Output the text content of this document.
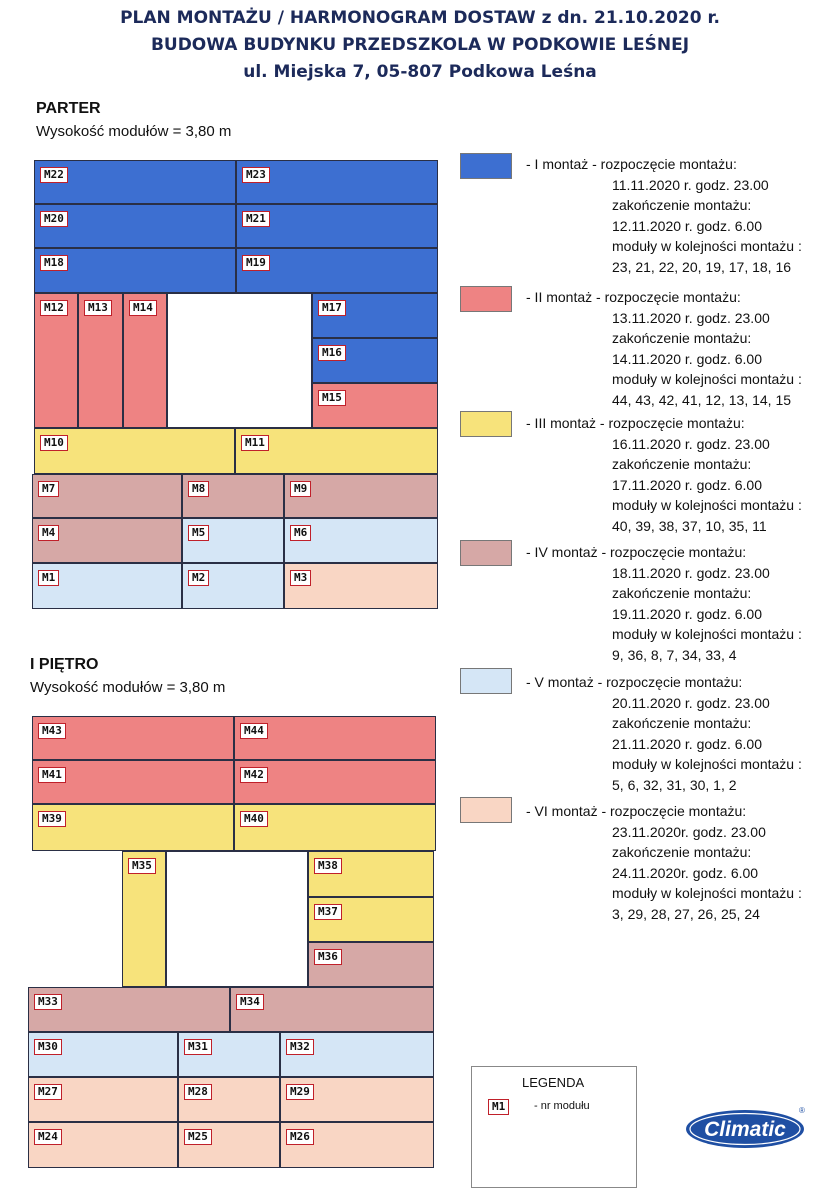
PLAN MONTAŻU / HARMONOGRAM DOSTAW z dn. 21.10.2020 r.
BUDOWA BUDYNKU PRZEDSZKOLA W PODKOWIE LEŚNEJ
ul. Miejska 7, 05-807 Podkowa Leśna
PARTER
Wysokość modułów = 3,80 m
M22	M23
M20	M21
M18	M19
M12	M13	M14	M17
M16
M15
M10	M11
M7	M8	M9
M4	M5	M6
M1	M2	M3
I PIĘTRO
Wysokość modułów = 3,80 m
M43	M44
M41	M42
M39	M40
M35	M38
M37
M36
M33	M34
M30	M31	M32
M27	M28	M29
M24	M25	M26
- I montaż - rozpoczęcie montażu:
11.11.2020 r. godz. 23.00
zakończenie montażu:
12.11.2020 r. godz. 6.00
moduły w kolejności montażu :
23, 21, 22, 20, 19, 17, 18, 16
- II montaż - rozpoczęcie montażu:
13.11.2020 r. godz. 23.00
zakończenie montażu:
14.11.2020 r. godz. 6.00
moduły w kolejności montażu :
44, 43, 42, 41, 12, 13, 14, 15
- III montaż - rozpoczęcie montażu:
16.11.2020 r. godz. 23.00
zakończenie montażu:
17.11.2020 r. godz. 6.00
moduły w kolejności montażu :
40, 39, 38, 37, 10, 35, 11
- IV montaż - rozpoczęcie montażu:
18.11.2020 r. godz. 23.00
zakończenie montażu:
19.11.2020 r. godz. 6.00
moduły w kolejności montażu :
9, 36, 8, 7, 34, 33, 4
- V montaż - rozpoczęcie montażu:
20.11.2020 r. godz. 23.00
zakończenie montażu:
21.11.2020 r. godz. 6.00
moduły w kolejności montażu :
5, 6, 32, 31, 30, 1, 2
- VI montaż - rozpoczęcie montażu:
23.11.2020r. godz. 23.00
zakończenie montażu:
24.11.2020r. godz. 6.00
moduły w kolejności montażu :
3, 29, 28, 27, 26, 25, 24
LEGENDA
M1	- nr modułu
Climatic
®
